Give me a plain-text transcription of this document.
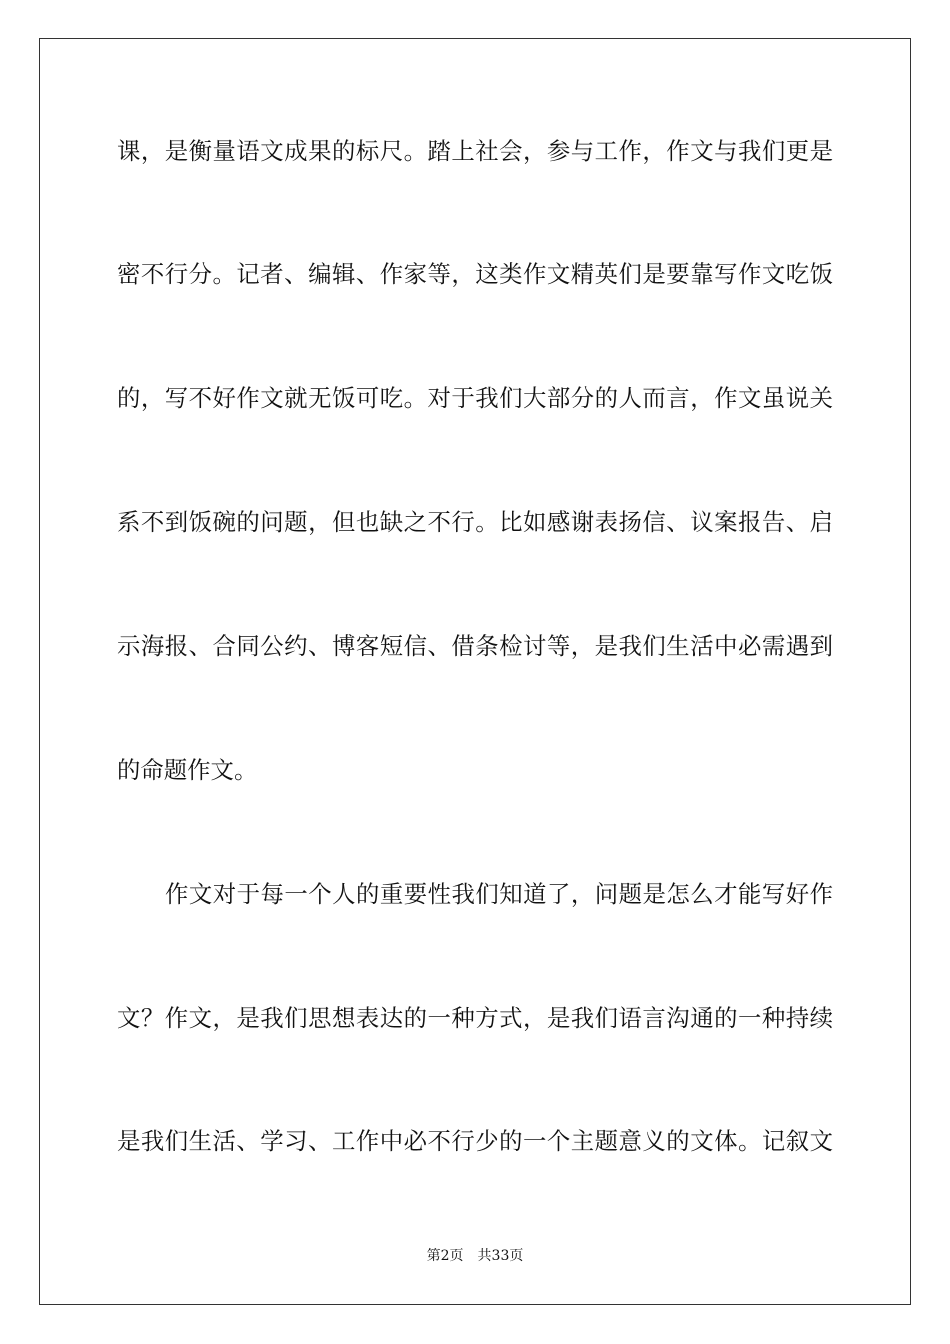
课，是衡量语文成果的标尺。踏上社会，参与工作，作文与我们更是
密不行分。记者、编辑、作家等，这类作文精英们是要靠写作文吃饭
的，写不好作文就无饭可吃。对于我们大部分的人而言，作文虽说关
系不到饭碗的问题，但也缺之不行。比如感谢表扬信、议案报告、启
示海报、合同公约、博客短信、借条检讨等，是我们生活中必需遇到
的命题作文。
作文对于每一个人的重要性我们知道了，问题是怎么才能写好作
文？作文，是我们思想表达的一种方式，是我们语言沟通的一种持续
是我们生活、学习、工作中必不行少的一个主题意义的文体。记叙文
第2页 共33页
